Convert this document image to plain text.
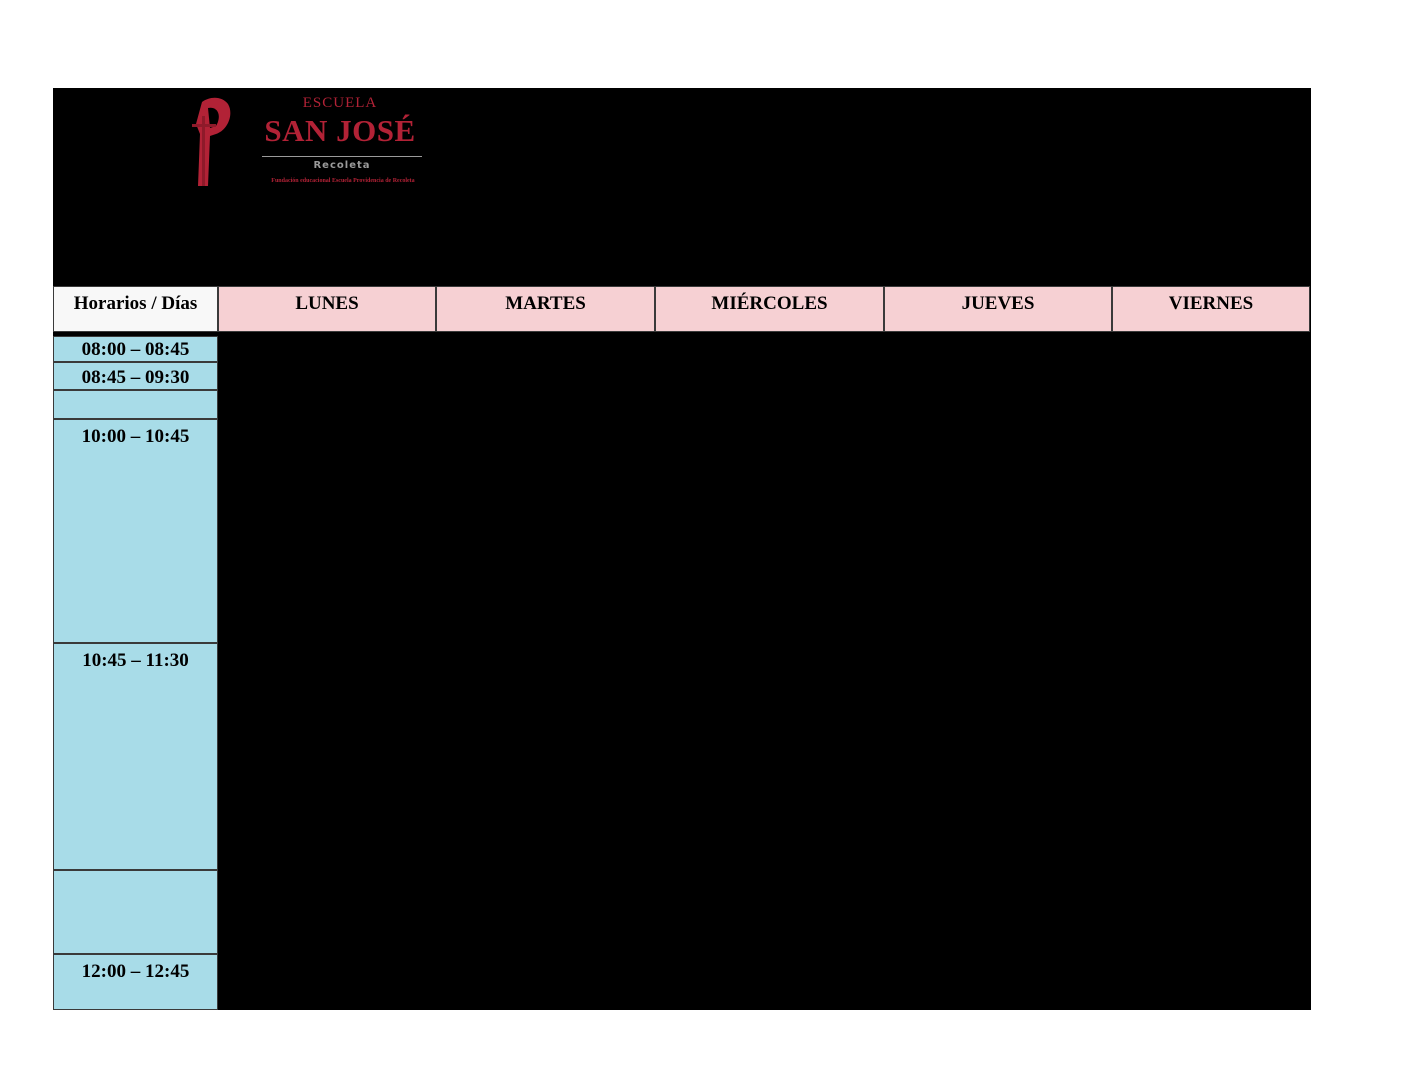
ESCUELA
SAN JOSÉ
Recoleta
Fundación educacional Escuela Providencia de Recoleta
Horarios / Días	LUNES	MARTES	MIÉRCOLES	JUEVES	VIERNES
08:00 – 08:45
08:45 – 09:30
10:00 – 10:45
10:45 – 11:30
12:00 – 12:45
